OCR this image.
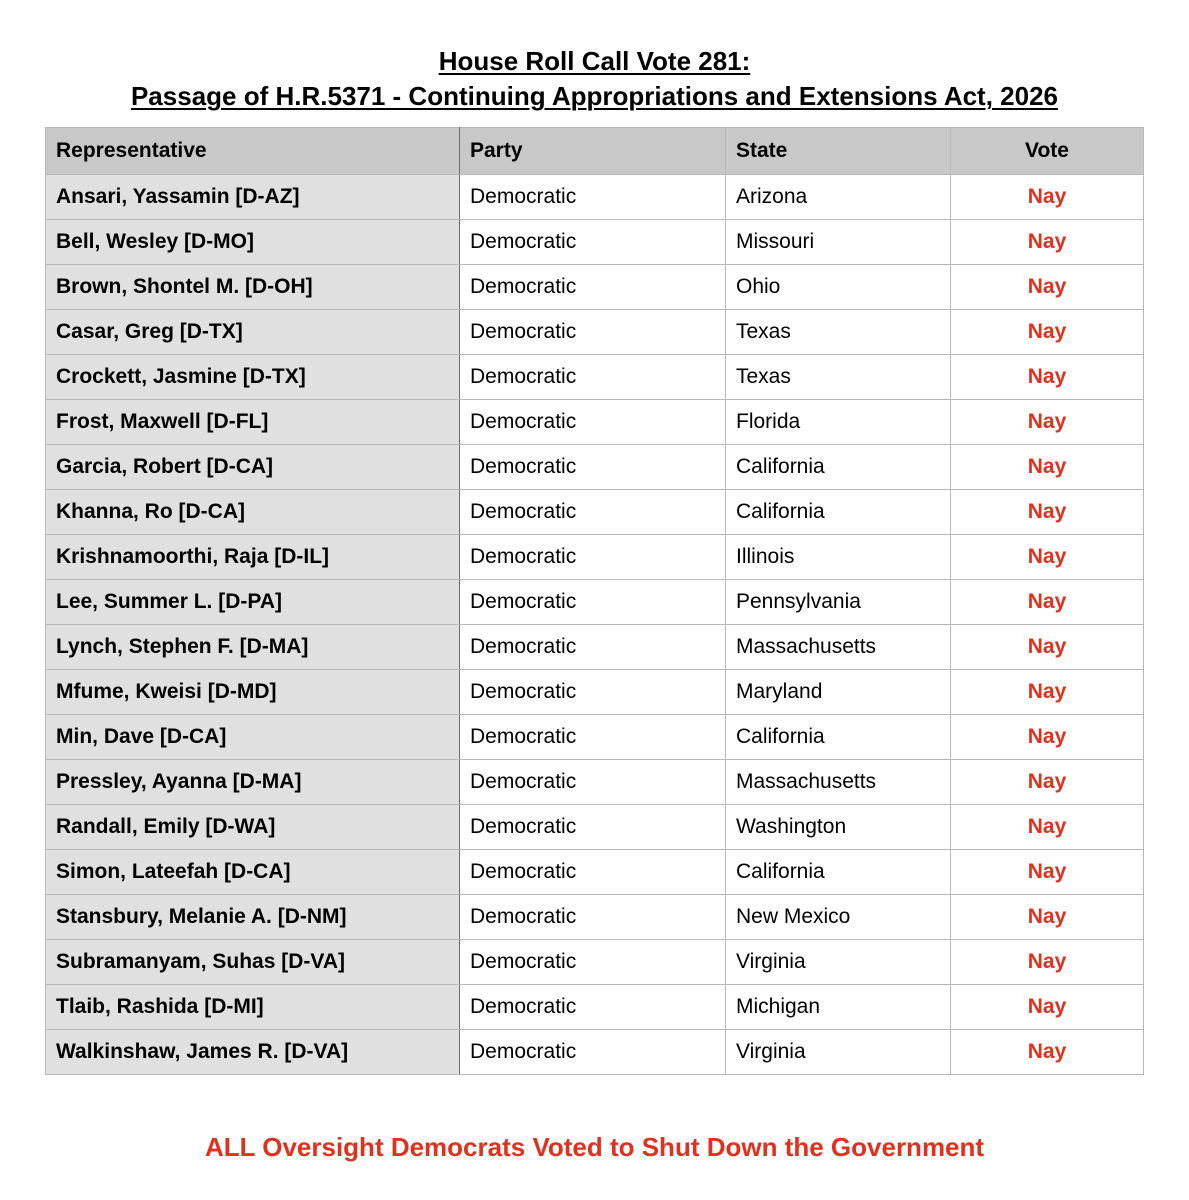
House Roll Call Vote 281:
Passage of H.R.5371 - Continuing Appropriations and Extensions Act, 2026
Representative	Party	State	Vote
Ansari, Yassamin [D-AZ]	Democratic	Arizona	Nay
Bell, Wesley [D-MO]	Democratic	Missouri	Nay
Brown, Shontel M. [D-OH]	Democratic	Ohio	Nay
Casar, Greg [D-TX]	Democratic	Texas	Nay
Crockett, Jasmine [D-TX]	Democratic	Texas	Nay
Frost, Maxwell [D-FL]	Democratic	Florida	Nay
Garcia, Robert [D-CA]	Democratic	California	Nay
Khanna, Ro [D-CA]	Democratic	California	Nay
Krishnamoorthi, Raja [D-IL]	Democratic	Illinois	Nay
Lee, Summer L. [D-PA]	Democratic	Pennsylvania	Nay
Lynch, Stephen F. [D-MA]	Democratic	Massachusetts	Nay
Mfume, Kweisi [D-MD]	Democratic	Maryland	Nay
Min, Dave [D-CA]	Democratic	California	Nay
Pressley, Ayanna [D-MA]	Democratic	Massachusetts	Nay
Randall, Emily [D-WA]	Democratic	Washington	Nay
Simon, Lateefah [D-CA]	Democratic	California	Nay
Stansbury, Melanie A. [D-NM]	Democratic	New Mexico	Nay
Subramanyam, Suhas [D-VA]	Democratic	Virginia	Nay
Tlaib, Rashida [D-MI]	Democratic	Michigan	Nay
Walkinshaw, James R. [D-VA]	Democratic	Virginia	Nay
ALL Oversight Democrats Voted to Shut Down the Government
